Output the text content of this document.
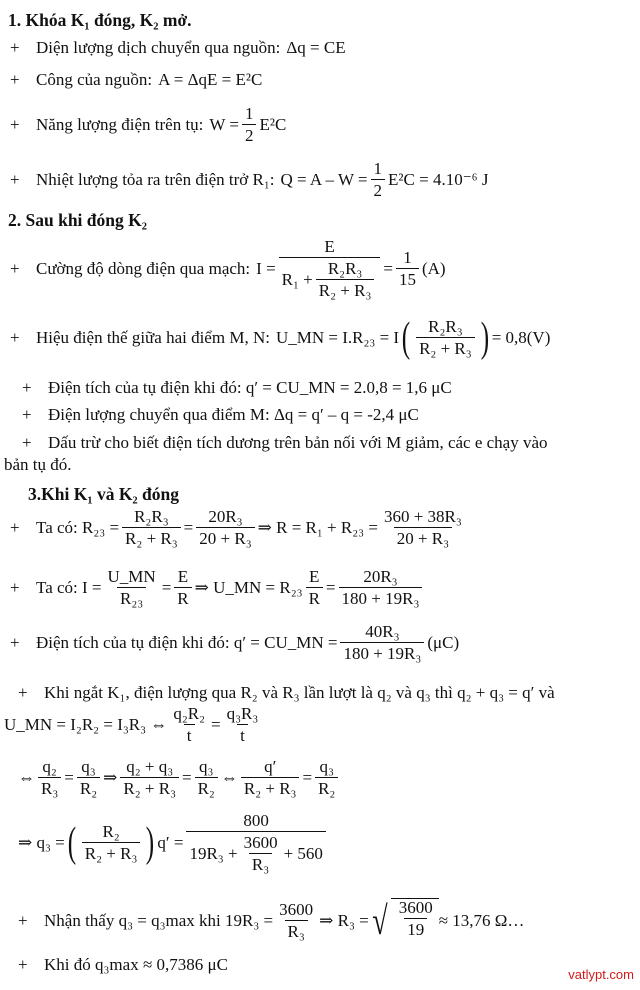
1. Khóa K₁ đóng, K₂ mở.
+ Diện lượng dịch chuyển qua nguồn: Δq = CE
+ Công của nguồn: A = ΔqE = E²C
+ Năng lượng điện trên tụ: $W = \frac{1}{2} E^2C$
+ Nhiệt lượng tỏa ra trên điện trở R₁: $Q = A - W = \frac{1}{2} E^2C = 4.10^{-6}$ J
2. Sau khi đóng K₂
+ Cường độ dòng điện qua mạch: $I = \frac{E}{R_1 + \frac{\text{R₂R₃}}{\text{R₂ + R₃}}} = \frac{1}{15} (A)$
+ Hiệu điện thế giữa hai điểm M, N: U_MN = I.R₂₃ = I ( R₂R₃
R₂ + R₃ ) = 0,8(V)
+ Điện tích của tụ điện khi đó: q′ = CU_MN = 2.0,8 = 1,6 μC
+ Điện lượng chuyển qua điểm M: Δq = q′ – q = -2,4 μC
+ Dấu trừ cho biết điện tích dương trên bản nối với M giảm, các e chạy vào
bản tụ đó.
3.Khi K₁ và K₂ đóng
+ Ta có: $R_{23} = \frac{\text{R₂R₃}}{\text{R₂ + R₃}} = \frac{\text{20R₃}}{\text{20 + R₃}}$ ⇒ $R = R_1 + R_{23} = \frac{\text{360 + 38R₃}}{\text{20 + R₃}}$
+ Ta có: $I = \frac{U\_MN}{\text{R₂₃}} = \frac{E}{R}$ ⇒ U_MN = $R_{23} \frac{E}{R} = \frac{\text{20R₃}}{\text{180 + 19R₃}}$
+ Điện tích của tụ điện khi đó: q′ = CU_MN = $\frac{\text{40R₃}}{\text{180 + 19R₃}} (\mu C)$
+ Khi ngắt K₁, điện lượng qua R₂ và R₃ lần lượt là q₂ và q₃ thì q₂ + q₃ = q′ và
U_MN = I₂R₂ = I₃R₃ ⇔ $\frac{\text{q₂R₂}}{t} = \frac{\text{q₃R₃}}{t}$
⇔ $\frac{\text{q₂}}{\text{R₃}} = \frac{\text{q₃}}{\text{R₂}}$ ⇒ $\frac{\text{q₂ + q₃}}{\text{R₂ + R₃}} = \frac{\text{q₃}}{\text{R₂}}$ ⇔ $\frac{q'}{\text{R₂ + R₃}} = \frac{\text{q₃}}{\text{R₂}}$
⇒ q₃ = ( R₂
R₂ + R₃ ) $q' = \frac{800}{19R_3 + \frac{3600}{\text{R₃}} + 560}$
+ Nhận thấy q₃ = q₃max khi $19R_3 = \frac{3600}{\text{R₃}}$ ⇒ R₃ = √ $\frac{3600}{19} \approx 13,76$ Ω…
+ Khi đó q₃max ≈ 0,7386 μC
vatlypt.com
